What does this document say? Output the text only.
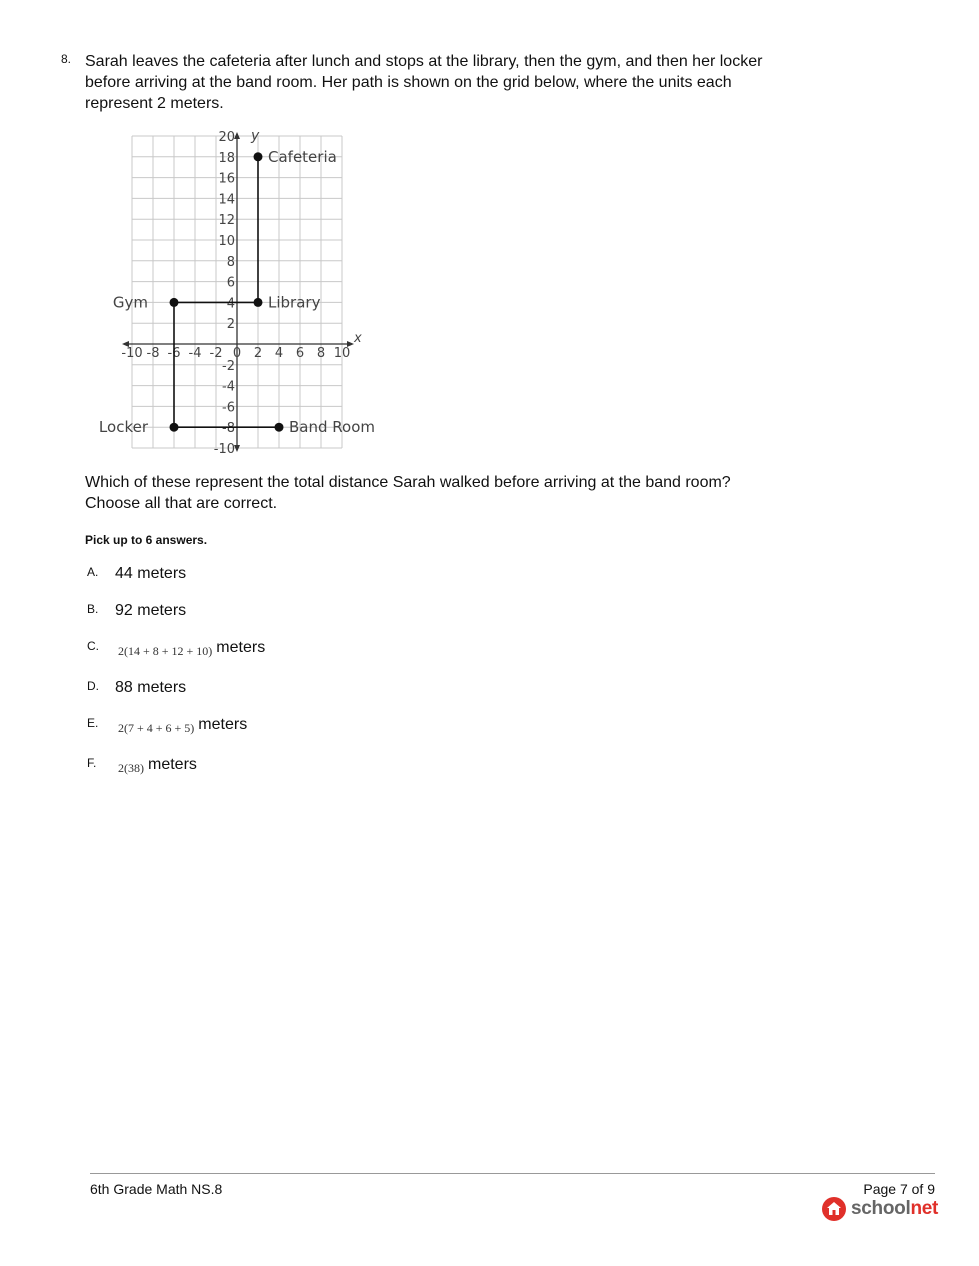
8. Sarah leaves the cafeteria after lunch and stops at the library, then the gym, and then her locker before arriving at the band room. Her path is shown on the grid below, where the units each represent 2 meters.
y
x
-10 -8 -6 -4 -2 0 2 4 6 8 10
20
18
16
14
12
10
8
6
4
2
-2
-4
-6
-8
-10
Cafeteria
Library
Gym
Locker	Band Room
Which of these represent the total distance Sarah walked before arriving at the band room? Choose all that are correct.
Pick up to 6 answers.
A. 44 meters
B. 92 meters
C. 2(14 + 8 + 12 + 10) meters
D. 88 meters
E. 2(7 + 4 + 6 + 5) meters
F. 2(38) meters
6th Grade Math NS.8	Page 7 of 9
schoolnet
